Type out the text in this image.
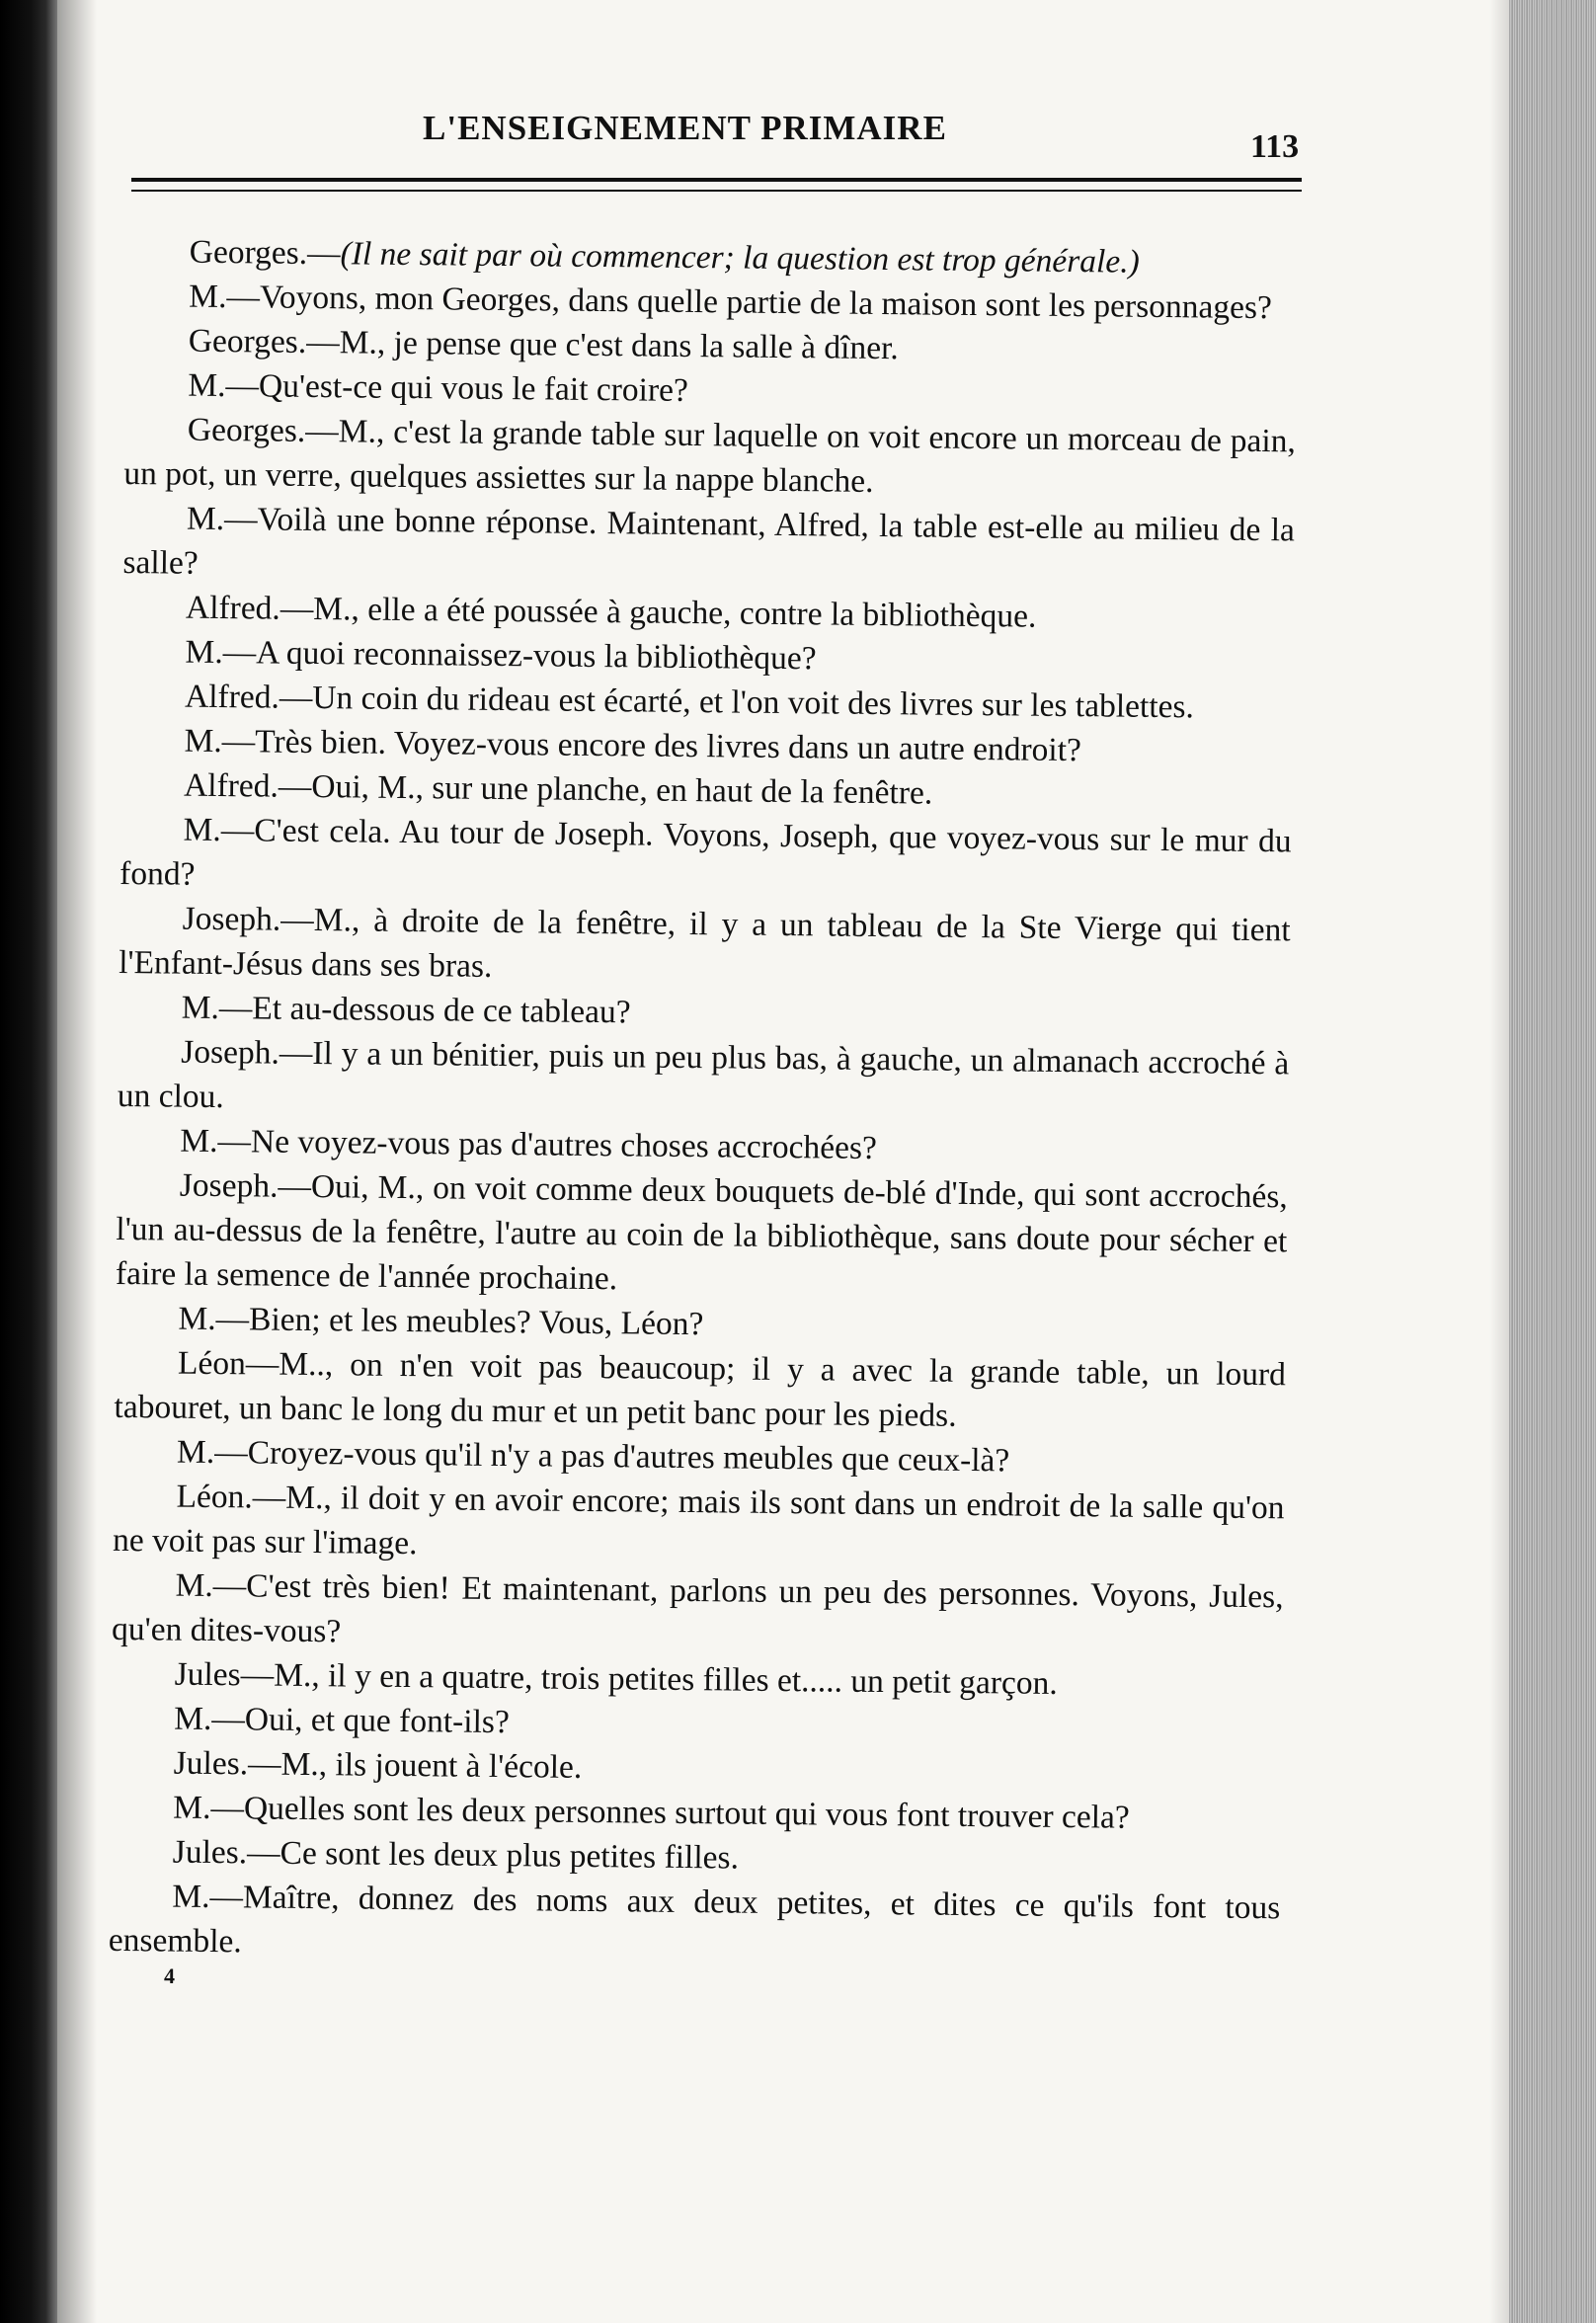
L'ENSEIGNEMENT PRIMAIRE	113

Georges.—(Il ne sait par où commencer; la question est trop générale.)

M.—Voyons, mon Georges, dans quelle partie de la maison sont les personnages?

Georges.—M., je pense que c'est dans la salle à dîner.

M.—Qu'est-ce qui vous le fait croire?

Georges.—M., c'est la grande table sur laquelle on voit encore un morceau de pain, un pot, un verre, quelques assiettes sur la nappe blanche.

M.—Voilà une bonne réponse. Maintenant, Alfred, la table est-elle au milieu de la salle?

Alfred.—M., elle a été poussée à gauche, contre la bibliothèque.

M.—A quoi reconnaissez-vous la bibliothèque?

Alfred.—Un coin du rideau est écarté, et l'on voit des livres sur les tablettes.

M.—Très bien. Voyez-vous encore des livres dans un autre endroit?

Alfred.—Oui, M., sur une planche, en haut de la fenêtre.

M.—C'est cela. Au tour de Joseph. Voyons, Joseph, que voyez-vous sur le mur du fond?

Joseph.—M., à droite de la fenêtre, il y a un tableau de la Ste Vierge qui tient l'Enfant-Jésus dans ses bras.

M.—Et au-dessous de ce tableau?

Joseph.—Il y a un bénitier, puis un peu plus bas, à gauche, un almanach accroché à un clou.

M.—Ne voyez-vous pas d'autres choses accrochées?

Joseph.—Oui, M., on voit comme deux bouquets de-blé d'Inde, qui sont accrochés, l'un au-dessus de la fenêtre, l'autre au coin de la bibliothèque, sans doute pour sécher et faire la semence de l'année prochaine.

M.—Bien; et les meubles? Vous, Léon?

Léon—M.., on n'en voit pas beaucoup; il y a avec la grande table, un lourd tabouret, un banc le long du mur et un petit banc pour les pieds.

M.—Croyez-vous qu'il n'y a pas d'autres meubles que ceux-là?

Léon.—M., il doit y en avoir encore; mais ils sont dans un endroit de la salle qu'on ne voit pas sur l'image.

M.—C'est très bien! Et maintenant, parlons un peu des personnes. Voyons, Jules, qu'en dites-vous?

Jules—M., il y en a quatre, trois petites filles et..... un petit garçon.

M.—Oui, et que font-ils?

Jules.—M., ils jouent à l'école.

M.—Quelles sont les deux personnes surtout qui vous font trouver cela?

Jules.—Ce sont les deux plus petites filles.

M.—Maître, donnez des noms aux deux petites, et dites ce qu'ils font tous ensemble.

4
